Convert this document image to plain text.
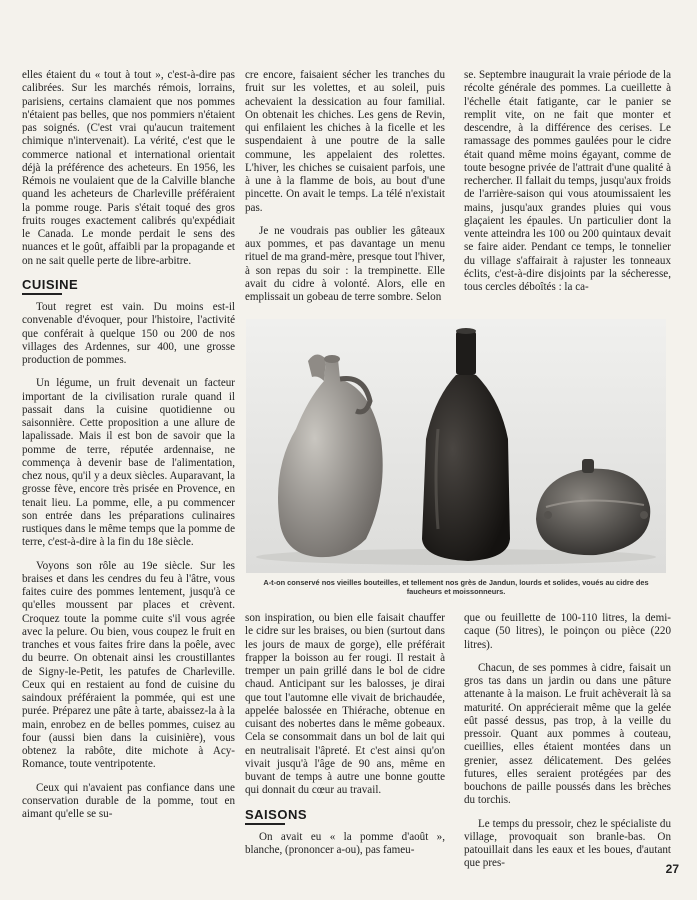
elles étaient du « tout à tout », c'est-à-dire pas calibrées. Sur les marchés rémois, lorrains, parisiens, certains clamaient que nos pommes n'étaient pas belles, que nos pommiers n'étaient pas soignés. (C'est vrai qu'aucun traitement chimique n'intervenait). La vérité, c'est que le commerce national et international orientait déjà la préférence des acheteurs. En 1956, les Rémois ne voulaient que de la Calville blanche quand les acheteurs de Charleville préféraient la pomme rouge. Paris s'était toqué des gros fruits rouges exactement calibrés qu'expédiait le Canada. Le monde perdait le sens des nuances et le goût, affaibli par la propagande et on ne sait quelle perte de libre-arbitre.

CUISINE

Tout regret est vain. Du moins est-il convenable d'évoquer, pour l'histoire, l'activité que conférait à quelque 150 ou 200 de nos villages des Ardennes, sur 400, une grosse production de pommes.

Un légume, un fruit devenait un facteur important de la civilisation rurale quand il passait dans la cuisine quotidienne ou saisonnière. Cette proposition a une allure de lapalissade. Mais il est bon de savoir que la pomme de terre, réputée ardennaise, ne commença à devenir base de l'alimentation, chez nous, qu'il y a deux siècles. Auparavant, la grosse fève, encore très prisée en Provence, en tenait lieu. La pomme, elle, a pu commencer son entrée dans les préparations culinaires rustiques dans le même temps que la pomme de terre, c'est-à-dire à la fin du 18e siècle.

Voyons son rôle au 19e siècle. Sur les braises et dans les cendres du feu à l'âtre, vous faites cuire des pommes lentement, jusqu'à ce qu'elles moussent par places et crèvent. Croquez toute la pomme cuite s'il vous agrée avec la pelure. Ou bien, vous coupez le fruit en tranches et vous faites frire dans la poêle, avec du beurre. On obtenait ainsi les croustillantes de Signy-le-Petit, les patufes de Charleville. Ceux qui en restaient au fond de cuisine du saindoux préféraient la pommée, qui est une purée. Préparez une pâte à tarte, abaissez-la à la main, enrobez en de belles pommes, cuisez au four (aussi bien dans la cuisinière), vous obtenez la rabôte, dite michote à Acy-Romance, toute ventripotente.

Ceux qui n'avaient pas confiance dans une conservation durable de la pomme, tout en aimant qu'elle se su-

cre encore, faisaient sécher les tranches du fruit sur les volettes, et au soleil, puis achevaient la dessication au four familial. On obtenait les chiches. Les gens de Revin, qui enfilaient les chiches à la ficelle et les suspendaient à une poutre de la salle commune, les appelaient des rolettes. L'hiver, les chiches se cuisaient parfois, une à une à la flamme de bois, au bout d'une pincette. On avait le temps. La télé n'existait pas.

Je ne voudrais pas oublier les gâteaux aux pommes, et pas davantage un menu rituel de ma grand-mère, presque tout l'hiver, à son repas du soir : la trempinette. Elle avait du cidre à volonté. Alors, elle en emplissait un gobeau de terre sombre. Selon

se. Septembre inaugurait la vraie période de la récolte générale des pommes. La cueillette à l'échelle était fatigante, car le panier se remplit vite, on ne fait que monter et descendre, à la différence des cerises. Le ramassage des pommes gaulées pour le cidre était quand même moins égayant, comme de toute besogne privée de l'attrait d'une qualité à rechercher. Il fallait du temps, jusqu'aux froids de l'arrière-saison qui vous atoumissaient les mains, jusqu'aux grandes pluies qui vous glaçaient les épaules. Un particulier dont la vente atteindra les 100 ou 200 quintaux devait se faire aider. Pendant ce temps, le tonnelier du village s'affairait à rajuster les tonneaux éclits, c'est-à-dire disjoints par la sécheresse, tous cercles déboîtés : la ca-

A-t-on conservé nos vieilles bouteilles, et tellement nos grès de Jandun, lourds et solides, voués au cidre des faucheurs et moissonneurs.

son inspiration, ou bien elle faisait chauffer le cidre sur les braises, ou bien (surtout dans les jours de maux de gorge), elle préférait frapper la boisson au fer rougi. Il restait à tremper un pain grillé dans le bol de cidre chaud. Anticipant sur les balosses, je dirai que tout l'automne elle vivait de brichaudée, appelée balossée en Thiérache, obtenue en cuisant des nobertes dans le même gobeaux. Cela se consommait dans un bol de lait qui en neutralisait l'âpreté. Et c'est ainsi qu'on vivait jusqu'à l'âge de 90 ans, même en buvant de temps à autre une bonne goutte qui donnait du cœur au travail.

SAISONS

On avait eu « la pomme d'août », blanche, (prononcer a-ou), pas fameu-

que ou feuillette de 100-110 litres, la demi-caque (50 litres), le poinçon ou pièce (220 litres).

Chacun, de ses pommes à cidre, faisait un gros tas dans un jardin ou dans une pâture attenante à la maison. Le fruit achèverait là sa maturité. On apprécierait même que la gelée eût passé dessus, pas trop, à la veille du pressoir. Quant aux pommes à couteau, cueillies, elles étaient montées dans un grenier, assez délicatement. Des gelées futures, elles seraient protégées par des bouchons de paille poussés dans les brèches du torchis.

Le temps du pressoir, chez le spécialiste du village, provoquait son branle-bas. On patouillait dans les eaux et les boues, d'autant que pres-	27
